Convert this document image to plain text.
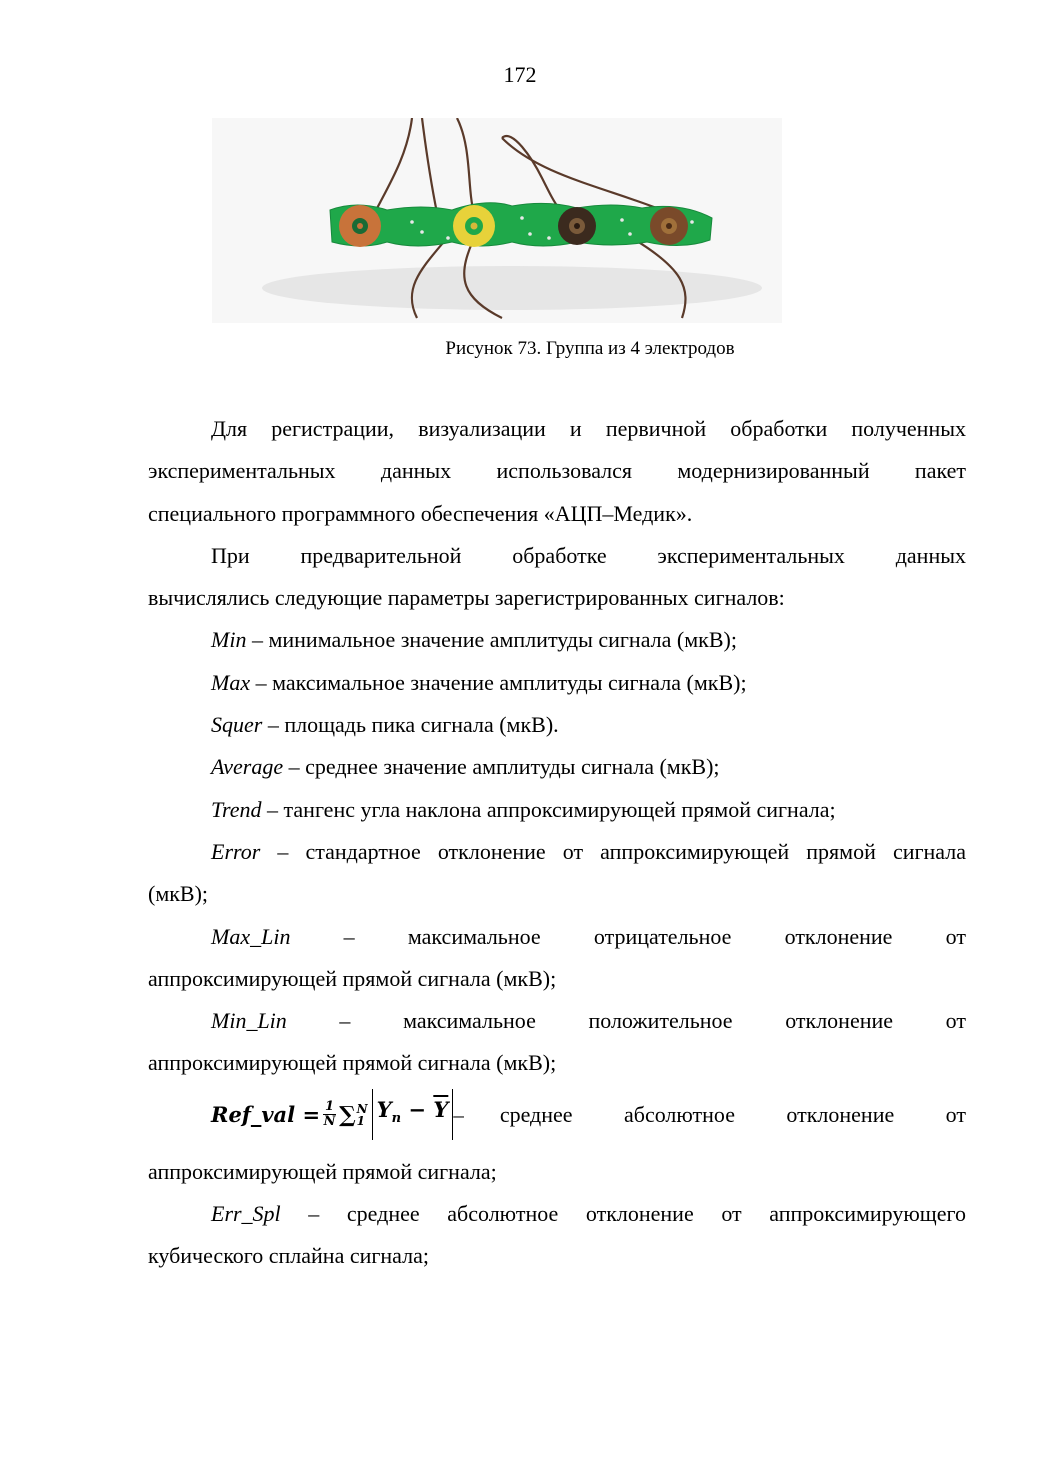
172
Рисунок 73. Группа из 4 электродов

Для регистрации, визуализации и первичной обработки полученных

экспериментальных данных использовался модернизированный пакет

специального программного обеспечения «АЦП–Медик».

При предварительной обработке экспериментальных данных

вычислялись следующие параметры зарегистрированных сигналов:

Min – минимальное значение амплитуды сигнала (мкВ);

Max – максимальное значение амплитуды сигнала (мкВ);

Squer – площадь пика сигнала (мкВ).

Average – среднее значение амплитуды сигнала (мкВ);

Trend – тангенс угла наклона аппроксимирующей прямой сигнала;

Error – стандартное отклонение от аппроксимирующей прямой сигнала

(мкВ);

Max_Lin – максимальное отрицательное отклонение от

аппроксимирующей прямой сигнала (мкВ);

Min_Lin – максимальное положительное отклонение от

аппроксимирующей прямой сигнала (мкВ);

Ref_val = $\frac{1}{N}$ ∑ N
1 $Y_n - \overline{Y}$ – среднее абсолютное отклонение от

аппроксимирующей прямой сигнала;

Err_Spl – среднее абсолютное отклонение от аппроксимирующего

кубического сплайна сигнала;
